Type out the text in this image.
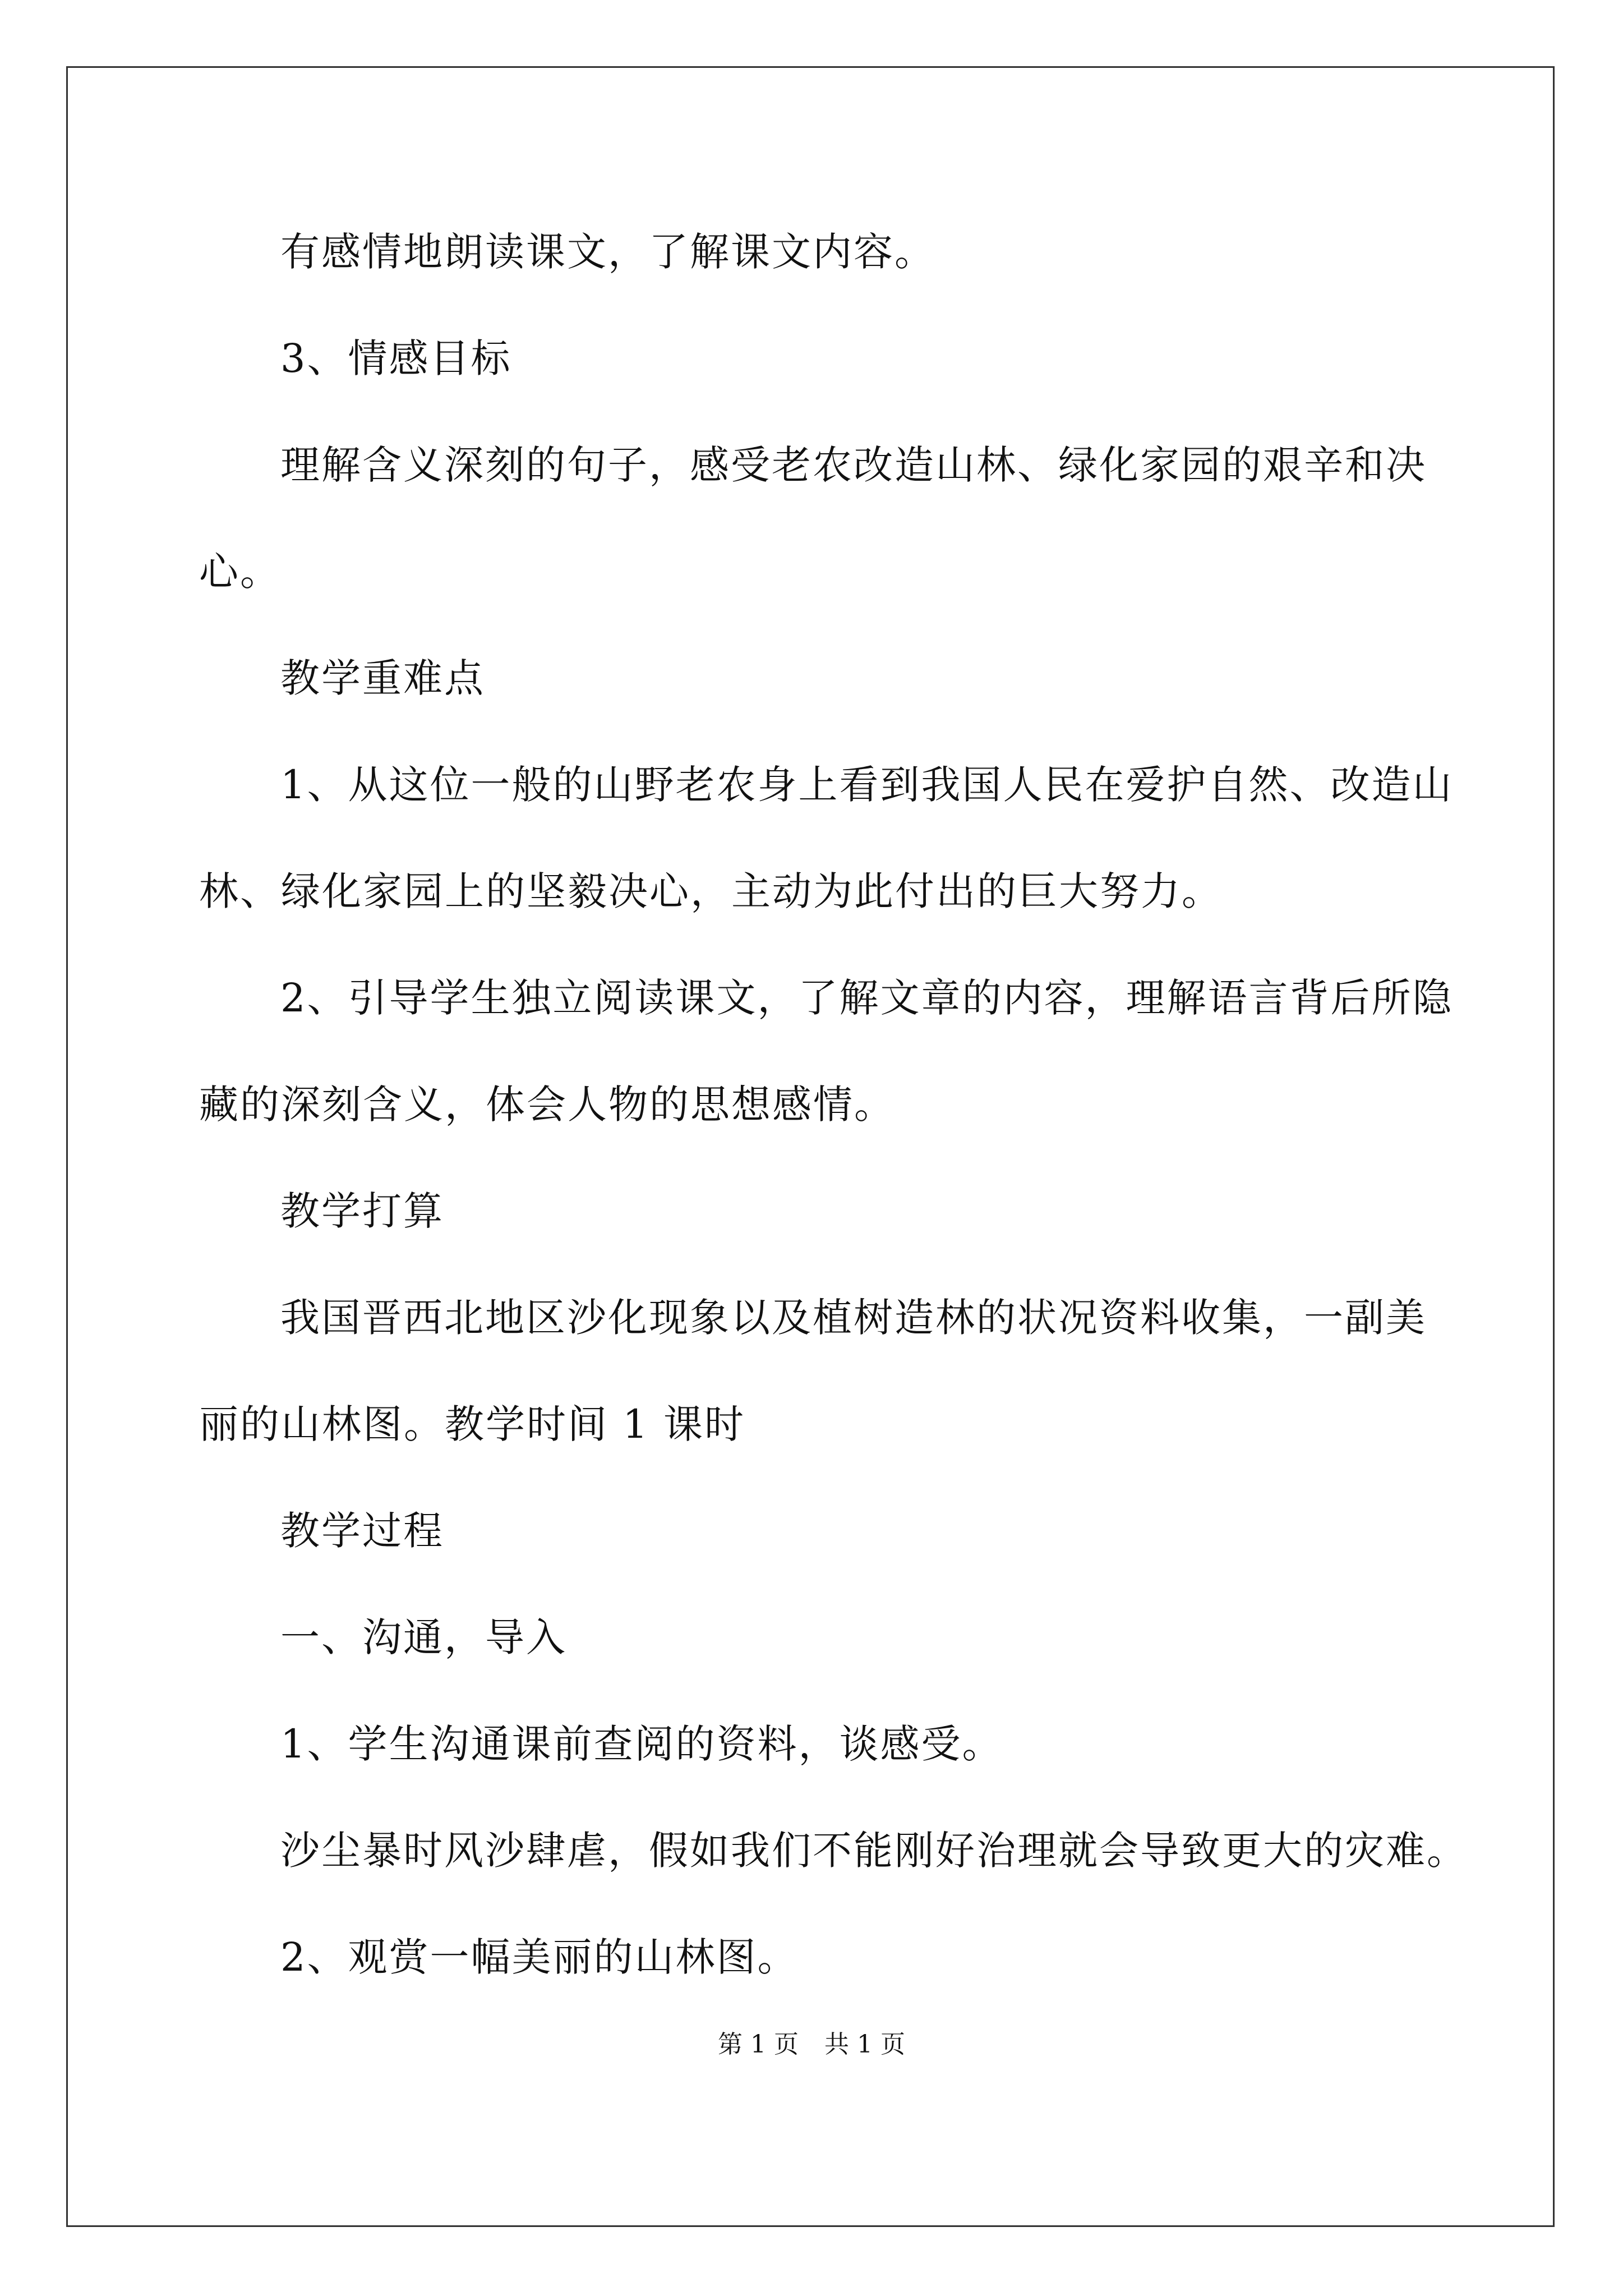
有感情地朗读课文，了解课文内容。
3、情感目标
理解含义深刻的句子，感受老农改造山林、绿化家园的艰辛和决
心。
教学重难点
1、从这位一般的山野老农身上看到我国人民在爱护自然、改造山
林、绿化家园上的坚毅决心，主动为此付出的巨大努力。
2、引导学生独立阅读课文，了解文章的内容，理解语言背后所隐
藏的深刻含义，体会人物的思想感情。
教学打算
我国晋西北地区沙化现象以及植树造林的状况资料收集，一副美
丽的山林图。教学时间 1 课时
教学过程
一、沟通，导入
1、学生沟通课前查阅的资料，谈感受。
沙尘暴时风沙肆虐，假如我们不能刚好治理就会导致更大的灾难。
2、观赏一幅美丽的山林图。
第 1 页 共 1 页
